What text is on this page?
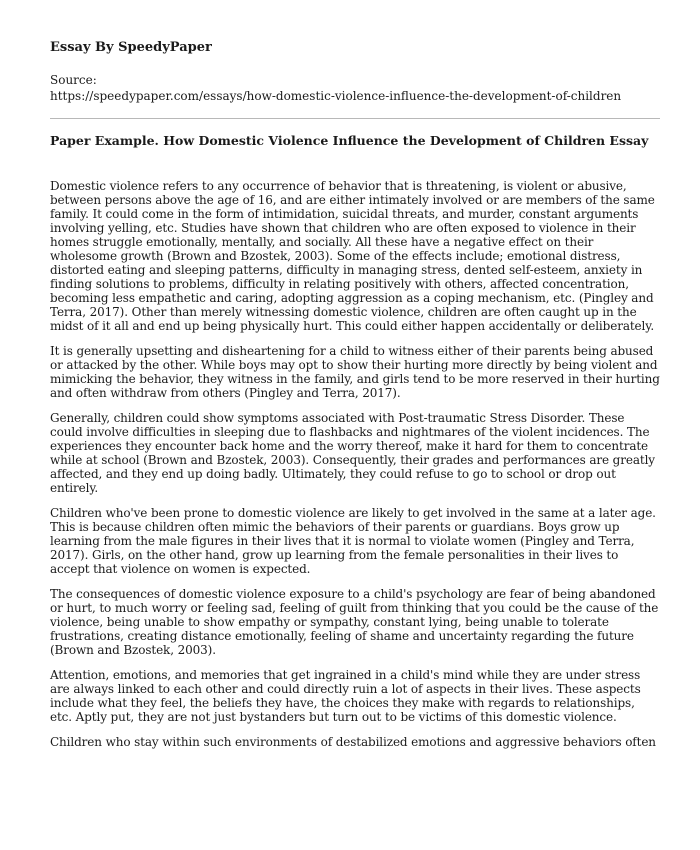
Essay By SpeedyPaper
Source:
https://speedypaper.com/essays/how-domestic-violence-influence-the-development-of-children
Paper Example. How Domestic Violence Influence the Development of Children Essay

Domestic violence refers to any occurrence of behavior that is threatening, is violent or abusive, between persons above the age of 16, and are either intimately involved or are members of the same family. It could come in the form of intimidation, suicidal threats, and murder, constant arguments involving yelling, etc. Studies have shown that children who are often exposed to violence in their homes struggle emotionally, mentally, and socially. All these have a negative effect on their wholesome growth (Brown and Bzostek, 2003). Some of the effects include; emotional distress, distorted eating and sleeping patterns, difficulty in managing stress, dented self-esteem, anxiety in finding solutions to problems, difficulty in relating positively with others, affected concentration, becoming less empathetic and caring, adopting aggression as a coping mechanism, etc. (Pingley and Terra, 2017). Other than merely witnessing domestic violence, children are often caught up in the midst of it all and end up being physically hurt. This could either happen accidentally or deliberately.

It is generally upsetting and disheartening for a child to witness either of their parents being abused or attacked by the other. While boys may opt to show their hurting more directly by being violent and mimicking the behavior, they witness in the family, and girls tend to be more reserved in their hurting and often withdraw from others (Pingley and Terra, 2017).

Generally, children could show symptoms associated with Post-traumatic Stress Disorder. These could involve difficulties in sleeping due to flashbacks and nightmares of the violent incidences. The experiences they encounter back home and the worry thereof, make it hard for them to concentrate while at school (Brown and Bzostek, 2003). Consequently, their grades and performances are greatly affected, and they end up doing badly. Ultimately, they could refuse to go to school or drop out entirely.

Children who've been prone to domestic violence are likely to get involved in the same at a later age. This is because children often mimic the behaviors of their parents or guardians. Boys grow up learning from the male figures in their lives that it is normal to violate women (Pingley and Terra, 2017). Girls, on the other hand, grow up learning from the female personalities in their lives to accept that violence on women is expected.

The consequences of domestic violence exposure to a child's psychology are fear of being abandoned or hurt, to much worry or feeling sad, feeling of guilt from thinking that you could be the cause of the violence, being unable to show empathy or sympathy, constant lying, being unable to tolerate frustrations, creating distance emotionally, feeling of shame and uncertainty regarding the future (Brown and Bzostek, 2003).

Attention, emotions, and memories that get ingrained in a child's mind while they are under stress are always linked to each other and could directly ruin a lot of aspects in their lives. These aspects include what they feel, the beliefs they have, the choices they make with regards to relationships, etc. Aptly put, they are not just bystanders but turn out to be victims of this domestic violence.

Children who stay within such environments of destabilized emotions and aggressive behaviors often
